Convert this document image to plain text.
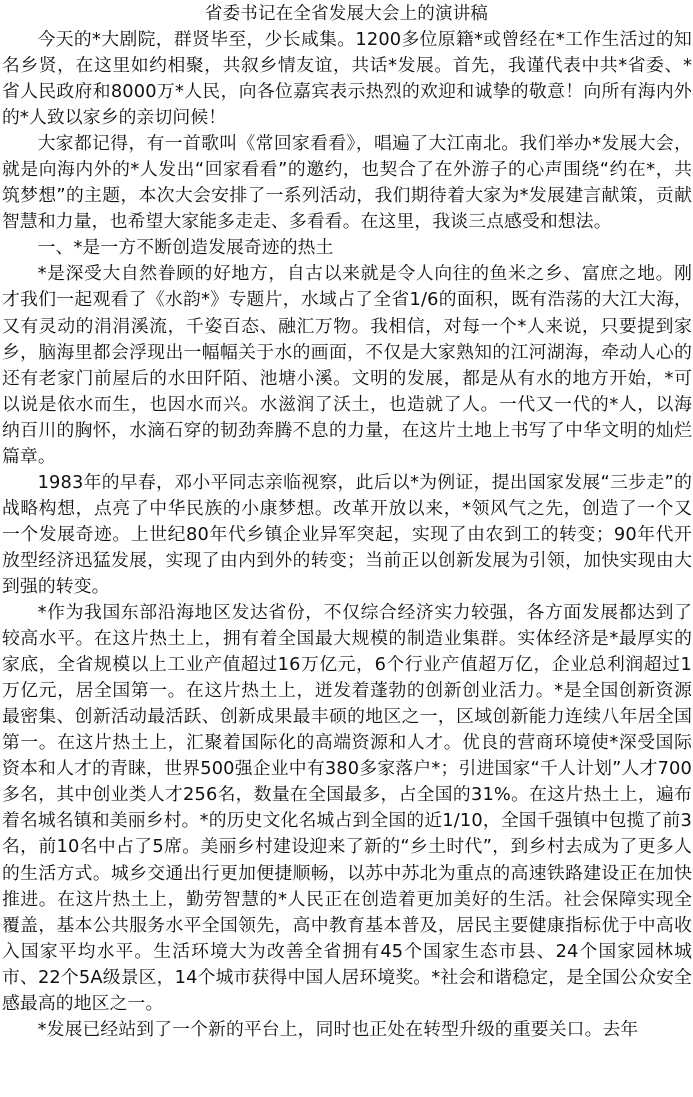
省委书记在全省发展大会上的演讲稿

今天的*大剧院，群贤毕至，少长咸集。1200多位原籍*或曾经在*工作生活过的知名乡贤，在这里如约相聚，共叙乡情友谊，共话*发展。首先，我谨代表中共*省委、*省人民政府和8000万*人民，向各位嘉宾表示热烈的欢迎和诚挚的敬意！向所有海内外的*人致以家乡的亲切问候！

大家都记得，有一首歌叫《常回家看看》，唱遍了大江南北。我们举办*发展大会，就是向海内外的*人发出“回家看看”的邀约，也契合了在外游子的心声围绕“约在*，共筑梦想”的主题，本次大会安排了一系列活动，我们期待着大家为*发展建言献策，贡献智慧和力量，也希望大家能多走走、多看看。在这里，我谈三点感受和想法。

一、*是一方不断创造发展奇迹的热土

*是深受大自然眷顾的好地方，自古以来就是令人向往的鱼米之乡、富庶之地。刚才我们一起观看了《水韵*》专题片，水域占了全省1/6的面积，既有浩荡的大江大海，又有灵动的涓涓溪流，千姿百态、融汇万物。我相信，对每一个*人来说，只要提到家乡，脑海里都会浮现出一幅幅关于水的画面，不仅是大家熟知的江河湖海，牵动人心的还有老家门前屋后的水田阡陌、池塘小溪。文明的发展，都是从有水的地方开始，*可以说是依水而生，也因水而兴。水滋润了沃土，也造就了人。一代又一代的*人，以海纳百川的胸怀，水滴石穿的韧劲奔腾不息的力量，在这片土地上书写了中华文明的灿烂篇章。

1983年的早春，邓小平同志亲临视察，此后以*为例证，提出国家发展“三步走”的战略构想，点亮了中华民族的小康梦想。改革开放以来，*领风气之先，创造了一个又一个发展奇迹。上世纪80年代乡镇企业异军突起，实现了由农到工的转变；90年代开放型经济迅猛发展，实现了由内到外的转变；当前正以创新发展为引领，加快实现由大到强的转变。

*作为我国东部沿海地区发达省份，不仅综合经济实力较强，各方面发展都达到了较高水平。在这片热土上，拥有着全国最大规模的制造业集群。实体经济是*最厚实的家底，全省规模以上工业产值超过16万亿元，6个行业产值超万亿，企业总利润超过1万亿元，居全国第一。在这片热土上，迸发着蓬勃的创新创业活力。*是全国创新资源最密集、创新活动最活跃、创新成果最丰硕的地区之一，区域创新能力连续八年居全国第一。在这片热土上，汇聚着国际化的高端资源和人才。优良的营商环境使*深受国际资本和人才的青睐，世界500强企业中有380多家落户*；引进国家“千人计划”人才700多名，其中创业类人才256名，数量在全国最多，占全国的31%。在这片热土上，遍布着名城名镇和美丽乡村。*的历史文化名城占到全国的近1/10，全国千强镇中包揽了前3名，前10名中占了5席。美丽乡村建设迎来了新的“乡土时代”，到乡村去成为了更多人的生活方式。城乡交通出行更加便捷顺畅，以苏中苏北为重点的高速铁路建设正在加快推进。在这片热土上，勤劳智慧的*人民正在创造着更加美好的生活。社会保障实现全覆盖，基本公共服务水平全国领先，高中教育基本普及，居民主要健康指标优于中高收入国家平均水平。生活环境大为改善全省拥有45个国家生态市县、24个国家园林城市、22个5A级景区，14个城市获得中国人居环境奖。*社会和谐稳定，是全国公众安全感最高的地区之一。

*发展已经站到了一个新的平台上，同时也正处在转型升级的重要关口。去年
